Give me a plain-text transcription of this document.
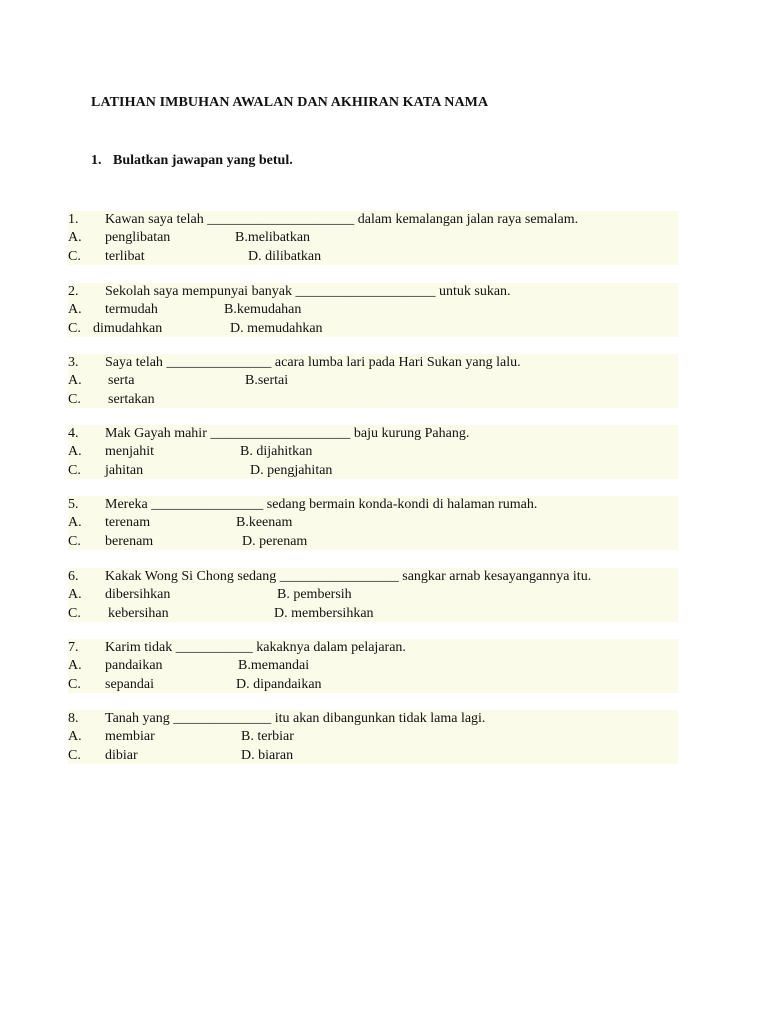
LATIHAN IMBUHAN AWALAN DAN AKHIRAN KATA NAMA
1. Bulatkan jawapan yang betul.
1. Kawan saya telah _____________________ dalam kemalangan jalan raya semalam.
A. penglibatan	B.melibatkan
C. terlibat	D. dilibatkan
2. Sekolah saya mempunyai banyak ____________________ untuk sukan.
A. termudah	B.kemudahan
C. dimudahkan	D. memudahkan
3. Saya telah _______________ acara lumba lari pada Hari Sukan yang lalu.
A. serta	B.sertai
C. sertakan
4. Mak Gayah mahir ____________________ baju kurung Pahang.
A. menjahit	B. dijahitkan
C. jahitan	D. pengjahitan
5. Mereka ________________ sedang bermain konda-kondi di halaman rumah.
A. terenam	B.keenam
C. berenam	D. perenam
6. Kakak Wong Si Chong sedang _________________ sangkar arnab kesayangannya itu.
A. dibersihkan	B. pembersih
C. kebersihan	D. membersihkan
7. Karim tidak ___________ kakaknya dalam pelajaran.
A. pandaikan	B.memandai
C. sepandai	D. dipandaikan
8. Tanah yang ______________ itu akan dibangunkan tidak lama lagi.
A. membiar	B. terbiar
C. dibiar	D. biaran
